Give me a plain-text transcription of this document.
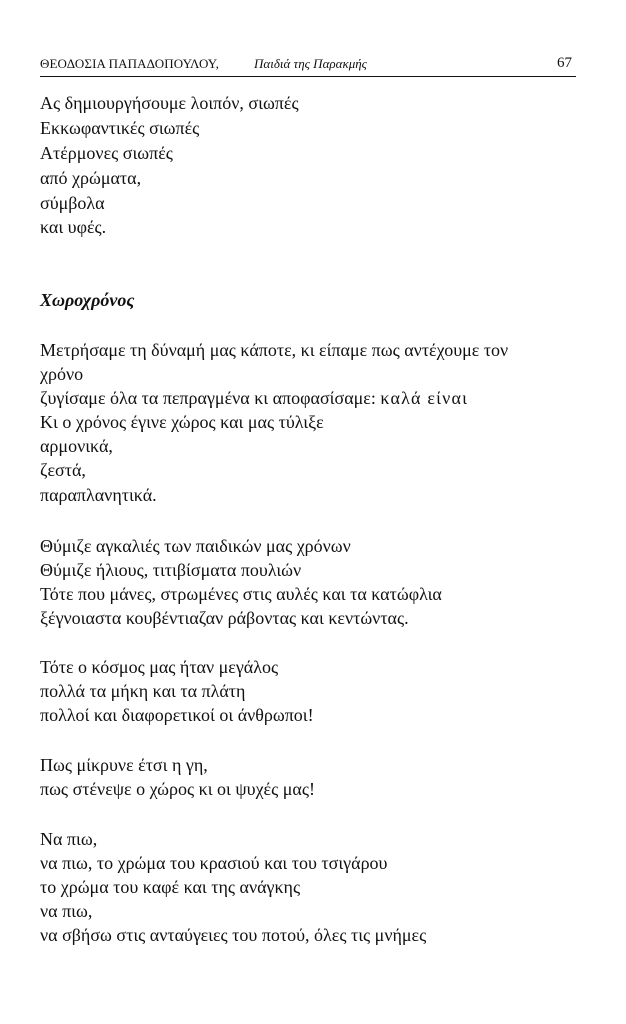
ΘΕΟΔΟΣΙΑ ΠΑΠΑΔΟΠΟΥΛΟΥ,	Παιδιά της Παρακμής	67
Ας δημιουργήσουμε λοιπόν, σιωπές
Εκκωφαντικές σιωπές
Ατέρμονες σιωπές
από χρώματα,
σύμβολα
και υφές.
Χωροχρόνος
Μετρήσαμε τη δύναμή μας κάποτε, κι είπαμε πως αντέχουμε τον
χρόνο
ζυγίσαμε όλα τα πεπραγμένα κι αποφασίσαμε: καλά είναι
Κι ο χρόνος έγινε χώρος και μας τύλιξε
αρμονικά,
ζεστά,
παραπλανητικά.
Θύμιζε αγκαλιές των παιδικών μας χρόνων
Θύμιζε ήλιους, τιτιβίσματα πουλιών
Τότε που μάνες, στρωμένες στις αυλές και τα κατώφλια
ξέγνοιαστα κουβέντιαζαν ράβοντας και κεντώντας.
Τότε ο κόσμος μας ήταν μεγάλος
πολλά τα μήκη και τα πλάτη
πολλοί και διαφορετικοί οι άνθρωποι!
Πως μίκρυνε έτσι η γη,
πως στένεψε ο χώρος κι οι ψυχές μας!
Να πιω,
να πιω, το χρώμα του κρασιού και του τσιγάρου
το χρώμα του καφέ και της ανάγκης
να πιω,
να σβήσω στις ανταύγειες του ποτού, όλες τις μνήμες
